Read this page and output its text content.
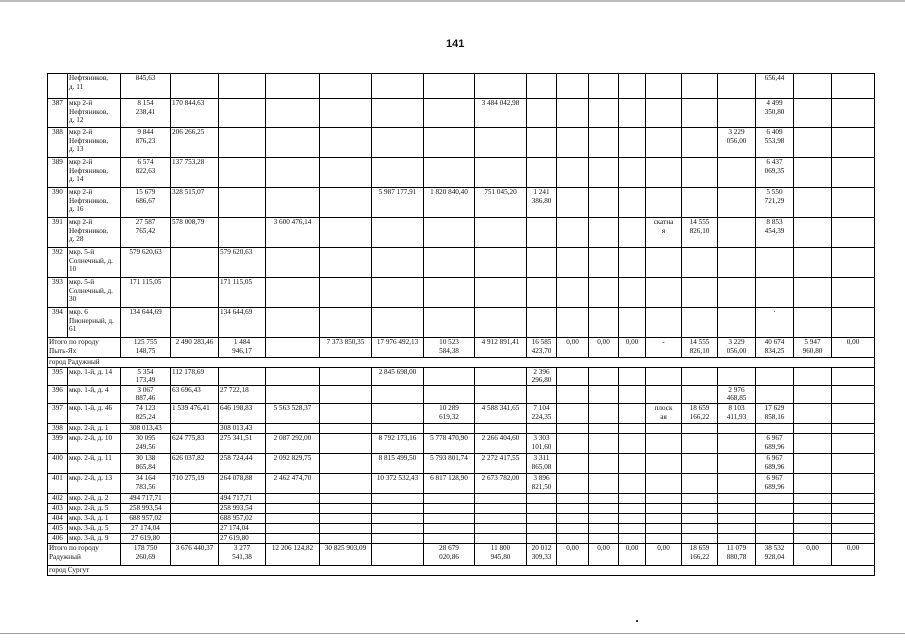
141
	Нефтяников,
д. 11	845,63															656,44		
387	мкр 2-й
Нефтяников,
д. 12	8 154
238,41	170 844,63						3 484 042,98								4 499
350,80		
388	мкр 2-й
Нефтяников,
д. 13	9 844
876,23	206 266,25													3 229
056,00	6 409
553,98		
389	мкр 2-й
Нефтяников,
д. 14	6 574
822,63	137 753,28														6 437
069,35		
390	мкр 2-й
Нефтяников,
д. 16	15 679
686,67	328 515,07				5 987 177,91	1 820 840,40	751 045,20	1 241 386,80							5 550
721,29		
391	мкр 2-й
Нефтяников,
д. 28	27 587
765,42	578 008,79		3 600 476,14									скатна
я	14 555
826,10		8 853
454,39		
392	мкр. 5-й
Солнечный, д.
10	579 620,63		579 620,63															
393	мкр. 5-й
Солнечный, д.
30	171 115,05		171 115,05															
394	мкр. 6
Пионерный, д.
61	134 644,69		134 644,69													·		
Итого по городу
Пыть-Ях		125 755
148,75	2 490 283,46	1 484
946,17		7 373 850,35	17 976 492,13	10 523
584,38	4 912 891,41	16 585
423,70	0,00	0,00	0,00	-	14 555
826,10	3 229
056,00	40 674
834,25	5 947
960,80	0,00
город Радужный																			
395	мкр. 1-й, д. 14	5 354
173,49	112 178,69				2 845 698,00			2 396 296,80									
396	мкр. 1-й, д. 4	3 067
887,46	63 696,43	27 722,18												2 976
468,85			
397	мкр. 1-й, д. 46	74 123
825,24	1 539 476,41	646 198,83	5 563 528,37			10 289
619,32	4 588 341,65	7 104 224,35				плоск
ая	18 659
166,22	8 103
411,93	17 629
858,16		
398	мкр. 2-й, д. 1	308 013,43		308 013,43															
399	мкр. 2-й, д. 10	30 095
249,56	624 775,83	275 341,51	2 087 292,00		8 792 173,16	5 778 470,90	2 266 404,60	3 303 101,60							6 967
689,96		
400	мкр. 2-й, д. 11	30 138
865,84	626 037,82	258 724,44	2 092 829,75		8 815 499,50	5 793 801,74	2 272 417,55	3 311
865,08							6 967
689,96		
401	мкр. 2-й, д. 13	34 164
783,56	710 275,19	264 078,88	2 462 474,70		10 372 532,43	6 817 128,90	2 673 782,00	3 896 821,50							6 967
689,96		
402	мкр. 2-й, д. 2	494 717,71		494 717,71															
403	мкр. 2-й, д. 5	258 993,54		258 993,54															
404	мкр. 3-й, д. 1	688 957,02		688 957,02															
405	мкр. 3-й, д. 5	27 174,04		27 174,04															
406	мкр. 3-й, д. 9	27 619,80		27 619,80															
Итого по городу
Радужный		178 750
260,69	3 676 440,37	3 277
541,38	12 206 124,82	30 825 903,09		28 679
020,86	11 800
945,80	20 012
309,33	0,00	0,00	0,00	0,00	18 659
166,22	11 079
880,78	38 532
928,04	0,00	0,00
город Сургут																			
